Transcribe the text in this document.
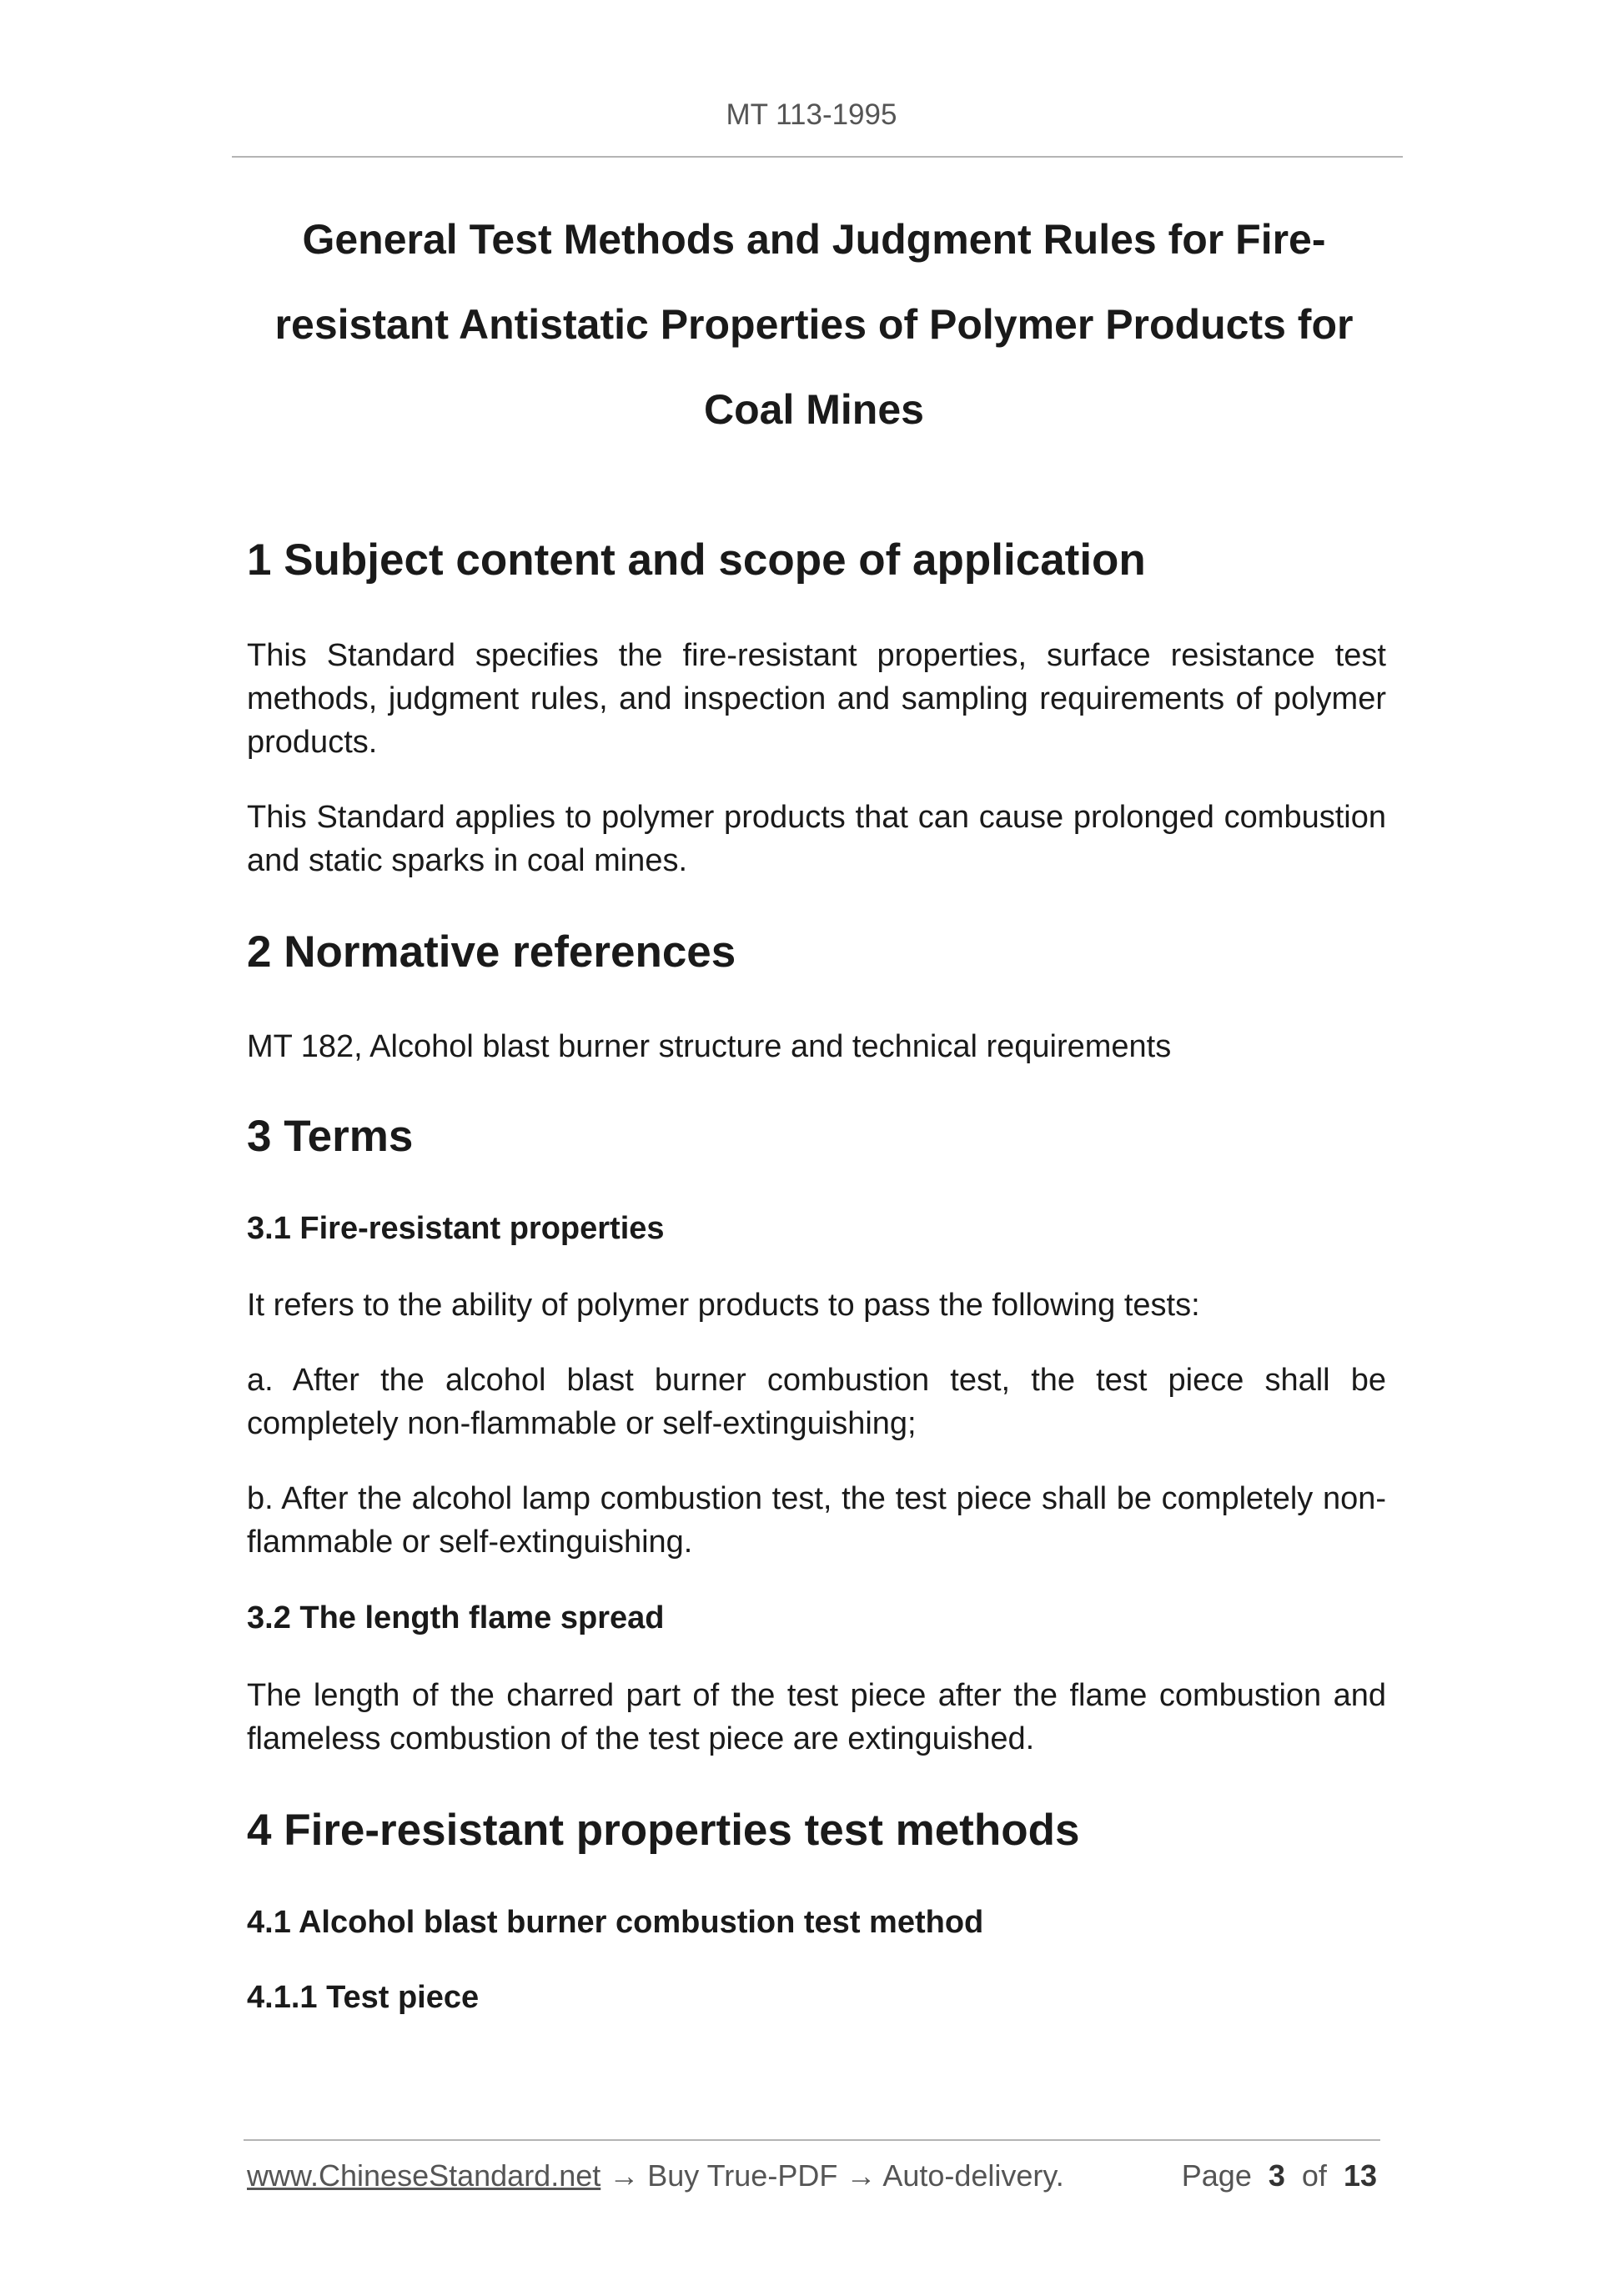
MT 113-1995
General Test Methods and Judgment Rules for Fire-resistant Antistatic Properties of Polymer Products for Coal Mines
1 Subject content and scope of application

This Standard specifies the fire-resistant properties, surface resistance test methods, judgment rules, and inspection and sampling requirements of polymer products.

This Standard applies to polymer products that can cause prolonged combustion and static sparks in coal mines.

2 Normative references

MT 182, Alcohol blast burner structure and technical requirements

3 Terms
3.1 Fire-resistant properties

It refers to the ability of polymer products to pass the following tests:

a. After the alcohol blast burner combustion test, the test piece shall be completely non-flammable or self-extinguishing;

b. After the alcohol lamp combustion test, the test piece shall be completely non-flammable or self-extinguishing.

3.2 The length flame spread

The length of the charred part of the test piece after the flame combustion and flameless combustion of the test piece are extinguished.

4 Fire-resistant properties test methods
4.1 Alcohol blast burner combustion test method
4.1.1 Test piece
www.ChineseStandard.net → Buy True-PDF → Auto-delivery.	Page 3 of 13
